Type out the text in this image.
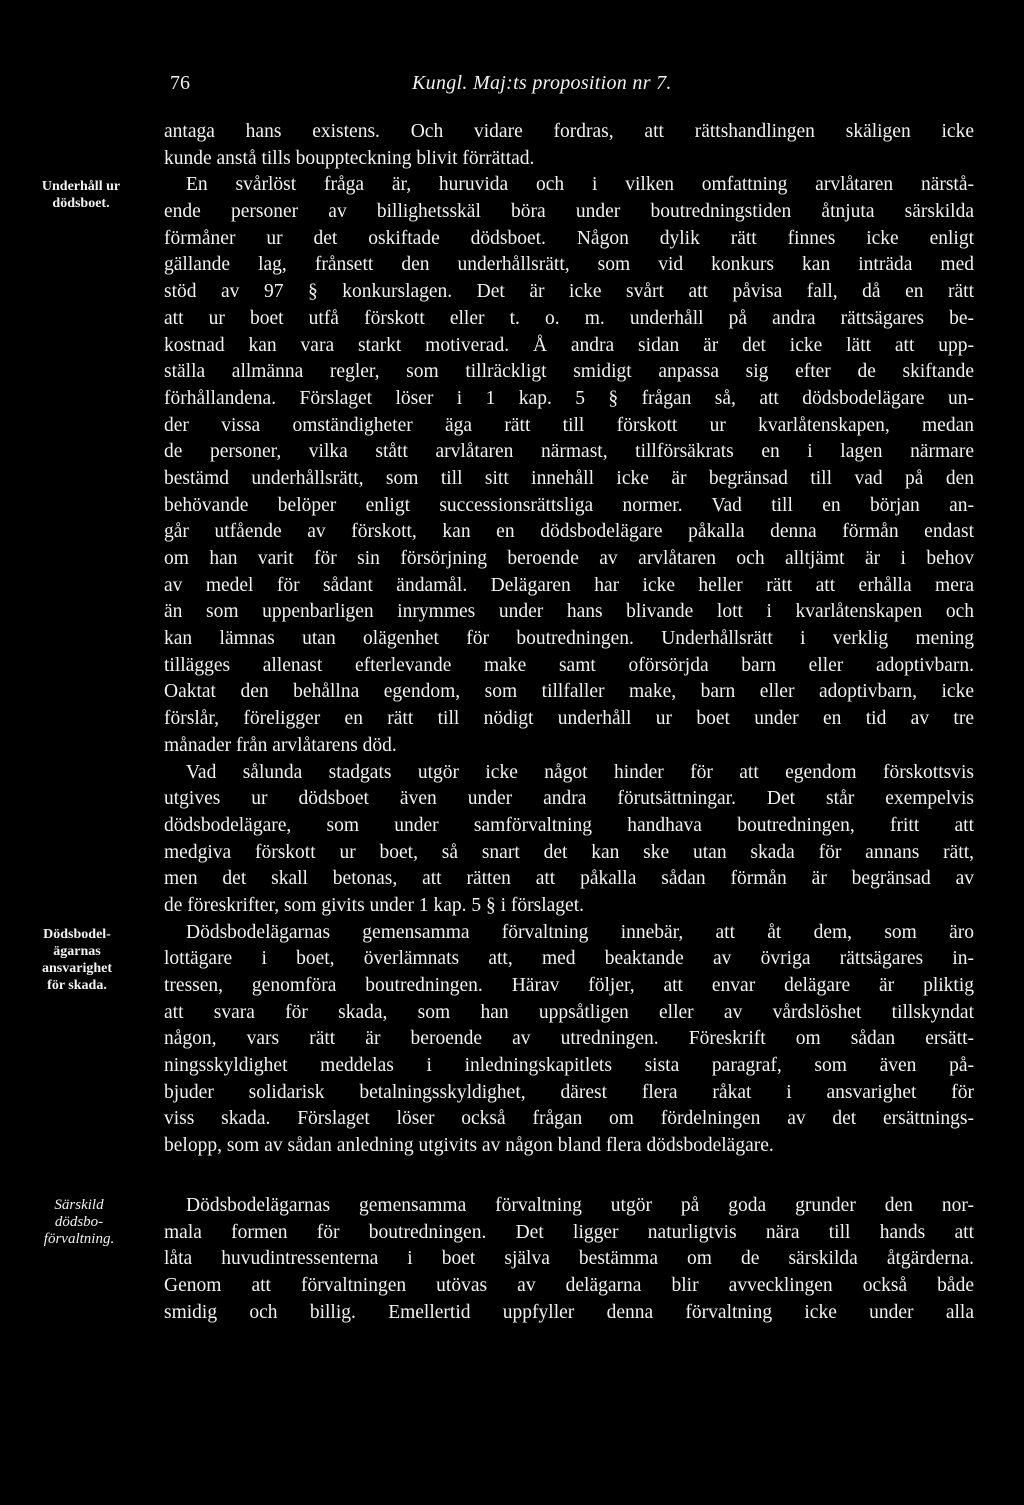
76	Kungl. Maj:ts proposition nr 7.
Underhåll ur
dödsboet.
Dödsbodel-
ägarnas
ansvarighet
för skada.
Särskild
dödsbo-
förvaltning.
antaga hans existens. Och vidare fordras, att rättshandlingen skäligen icke
kunde anstå tills bouppteckning blivit förrättad.
En svårlöst fråga är, huruvida och i vilken omfattning arvlåtaren närstå-
ende personer av billighetsskäl böra under boutredningstiden åtnjuta särskilda
förmåner ur det oskiftade dödsboet. Någon dylik rätt finnes icke enligt
gällande lag, frånsett den underhållsrätt, som vid konkurs kan inträda med
stöd av 97 § konkurslagen. Det är icke svårt att påvisa fall, då en rätt
att ur boet utfå förskott eller t. o. m. underhåll på andra rättsägares be-
kostnad kan vara starkt motiverad. Å andra sidan är det icke lätt att upp-
ställa allmänna regler, som tillräckligt smidigt anpassa sig efter de skiftande
förhållandena. Förslaget löser i 1 kap. 5 § frågan så, att dödsbodelägare un-
der vissa omständigheter äga rätt till förskott ur kvarlåtenskapen, medan
de personer, vilka stått arvlåtaren närmast, tillförsäkrats en i lagen närmare
bestämd underhållsrätt, som till sitt innehåll icke är begränsad till vad på den
behövande belöper enligt successionsrättsliga normer. Vad till en början an-
går utfående av förskott, kan en dödsbodelägare påkalla denna förmån endast
om han varit för sin försörjning beroende av arvlåtaren och alltjämt är i behov
av medel för sådant ändamål. Delägaren har icke heller rätt att erhålla mera
än som uppenbarligen inrymmes under hans blivande lott i kvarlåtenskapen och
kan lämnas utan olägenhet för boutredningen. Underhållsrätt i verklig mening
tillägges allenast efterlevande make samt oförsörjda barn eller adoptivbarn.
Oaktat den behållna egendom, som tillfaller make, barn eller adoptivbarn, icke
förslår, föreligger en rätt till nödigt underhåll ur boet under en tid av tre
månader från arvlåtarens död.
Vad sålunda stadgats utgör icke något hinder för att egendom förskottsvis
utgives ur dödsboet även under andra förutsättningar. Det står exempelvis
dödsbodelägare, som under samförvaltning handhava boutredningen, fritt att
medgiva förskott ur boet, så snart det kan ske utan skada för annans rätt,
men det skall betonas, att rätten att påkalla sådan förmån är begränsad av
de föreskrifter, som givits under 1 kap. 5 § i förslaget.
Dödsbodelägarnas gemensamma förvaltning innebär, att åt dem, som äro
lottägare i boet, överlämnats att, med beaktande av övriga rättsägares in-
tressen, genomföra boutredningen. Härav följer, att envar delägare är pliktig
att svara för skada, som han uppsåtligen eller av vårdslöshet tillskyndat
någon, vars rätt är beroende av utredningen. Föreskrift om sådan ersätt-
ningsskyldighet meddelas i inledningskapitlets sista paragraf, som även på-
bjuder solidarisk betalningsskyldighet, därest flera råkat i ansvarighet för
viss skada. Förslaget löser också frågan om fördelningen av det ersättnings-
belopp, som av sådan anledning utgivits av någon bland flera dödsbodelägare.
Dödsbodelägarnas gemensamma förvaltning utgör på goda grunder den nor-
mala formen för boutredningen. Det ligger naturligtvis nära till hands att
låta huvudintressenterna i boet själva bestämma om de särskilda åtgärderna.
Genom att förvaltningen utövas av delägarna blir avvecklingen också både
smidig och billig. Emellertid uppfyller denna förvaltning icke under alla
